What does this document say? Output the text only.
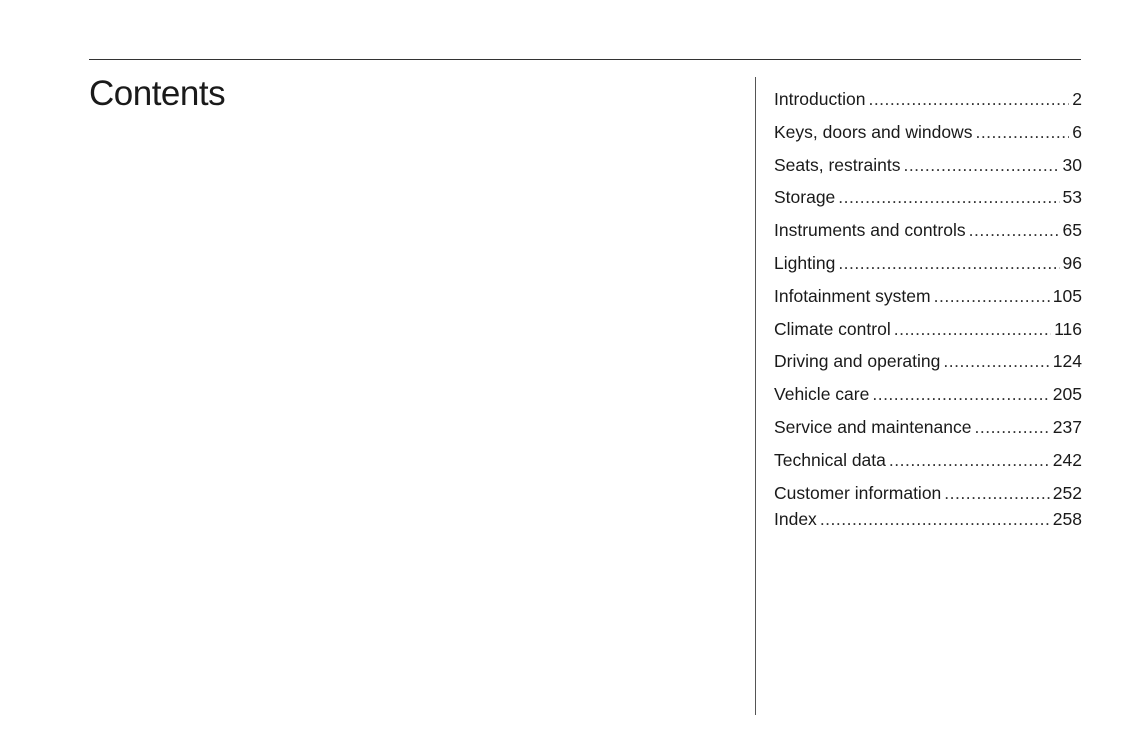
Contents	Introduction .....	2
Keys, doors and windows .....	6
Seats, restraints .....	30
Storage .....	53
Instruments and controls .....	65
Lighting .....	96
Infotainment system .....	105
Climate control .....	116
Driving and operating .....	124
Vehicle care .....	205
Service and maintenance .....	237
Technical data .....	242
Customer information .....	252
Index .....	258
